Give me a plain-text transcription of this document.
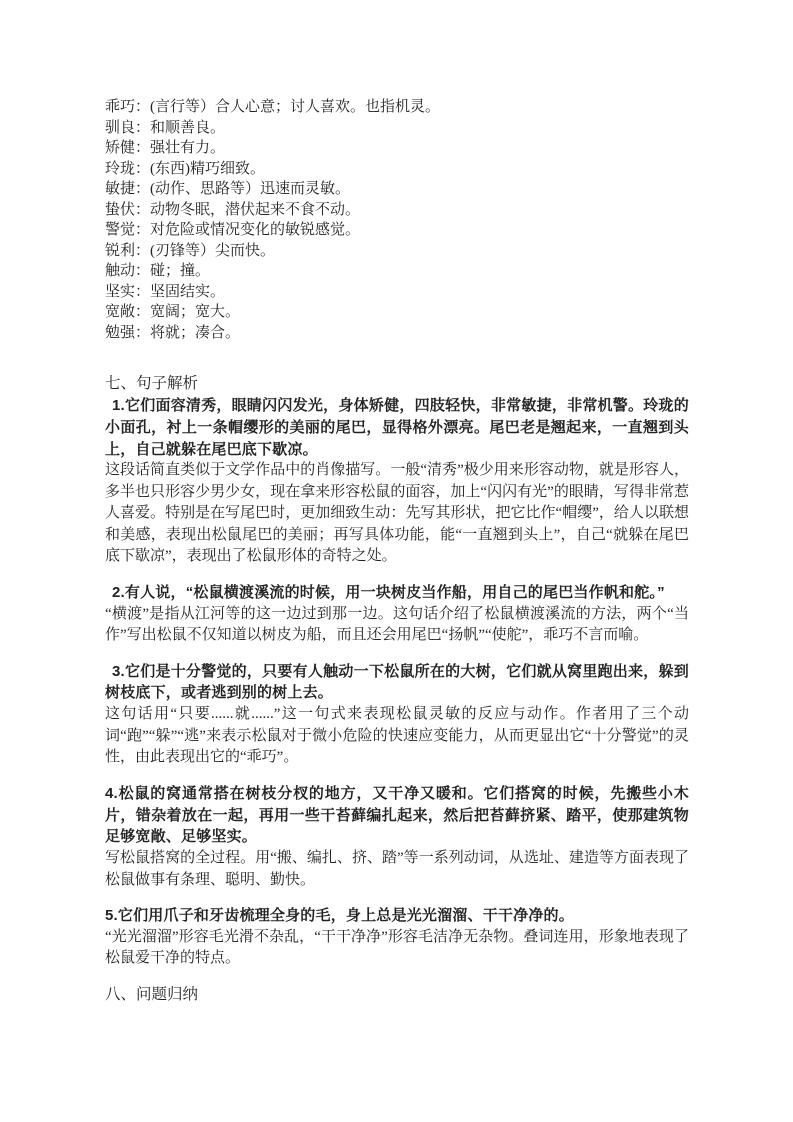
乖巧：(言行等）合人心意；讨人喜欢。也指机灵。
驯良：和顺善良。
矫健：强壮有力。
玲珑：(东西)精巧细致。
敏捷：(动作、思路等）迅速而灵敏。
蛰伏：动物冬眠，潜伏起来不食不动。
警觉：对危险或情况变化的敏锐感觉。
锐利：(刃锋等）尖而快。
触动：碰；撞。
坚实：坚固结实。
宽敞：宽阔；宽大。
勉强：将就；凑合。
七、句子解析

1.它们面容清秀，眼睛闪闪发光，身体矫健，四肢轻快，非常敏捷，非常机警。玲珑的小面孔，衬上一条帽缨形的美丽的尾巴，显得格外漂亮。尾巴老是翘起来，一直翘到头上，自己就躲在尾巴底下歇凉。

这段话简直类似于文学作品中的肖像描写。一般“清秀”极少用来形容动物，就是形容人，多半也只形容少男少女，现在拿来形容松鼠的面容，加上“闪闪有光”的眼睛，写得非常惹人喜爱。特别是在写尾巴时，更加细致生动：先写其形状，把它比作“帽缨”，给人以联想和美感，表现出松鼠尾巴的美丽；再写具体功能，能“一直翘到头上”，自己“就躲在尾巴底下歇凉”，表现出了松鼠形体的奇特之处。

2.有人说，“松鼠横渡溪流的时候，用一块树皮当作船，用自己的尾巴当作帆和舵。”

“横渡”是指从江河等的这一边过到那一边。这句话介绍了松鼠横渡溪流的方法，两个“当作”写出松鼠不仅知道以树皮为船，而且还会用尾巴“扬帆”“使舵”，乖巧不言而喻。

3.它们是十分警觉的，只要有人触动一下松鼠所在的大树，它们就从窝里跑出来，躲到树枝底下，或者逃到别的树上去。

这句话用“只要......就......”这一句式来表现松鼠灵敏的反应与动作。作者用了三个动词“跑”“躲”“逃”来表示松鼠对于微小危险的快速应变能力，从而更显出它“十分警觉”的灵性，由此表现出它的“乖巧”。

4.松鼠的窝通常搭在树枝分杈的地方，又干净又暖和。它们搭窝的时候，先搬些小木片，错杂着放在一起，再用一些干苔藓编扎起来，然后把苔藓挤紧、踏平，使那建筑物足够宽敞、足够坚实。

写松鼠搭窝的全过程。用“搬、编扎、挤、踏”等一系列动词，从选址、建造等方面表现了松鼠做事有条理、聪明、勤快。

5.它们用爪子和牙齿梳理全身的毛，身上总是光光溜溜、干干净净的。

“光光溜溜”形容毛光滑不杂乱，“干干净净”形容毛洁净无杂物。叠词连用，形象地表现了松鼠爱干净的特点。

八、问题归纳
